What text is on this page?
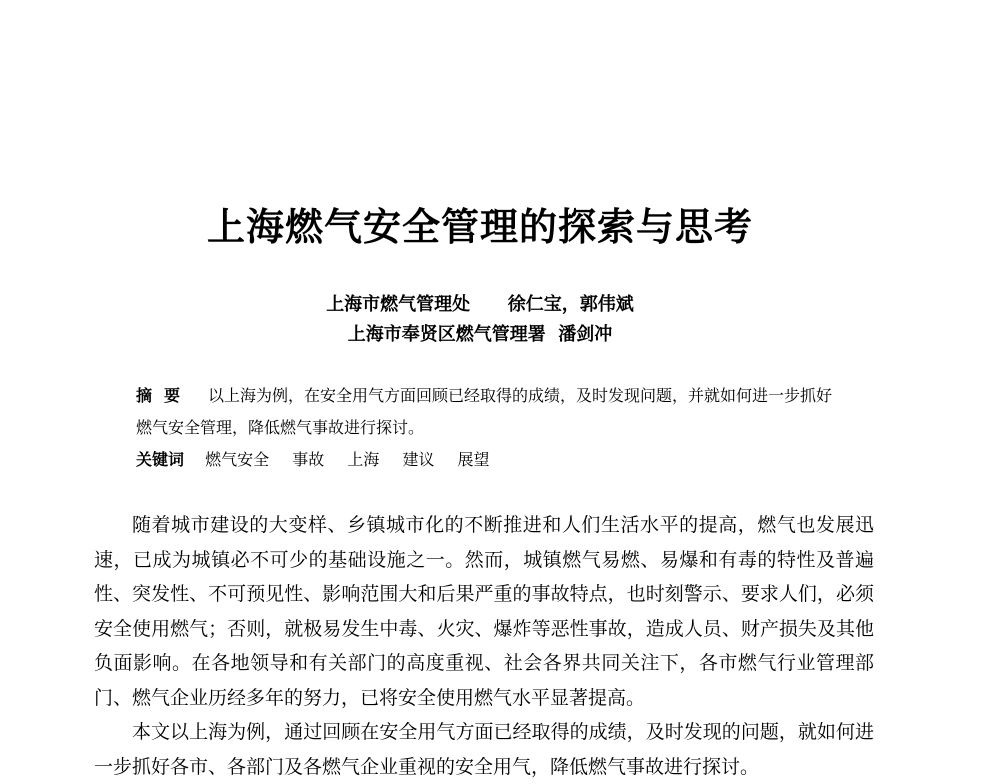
上海燃气安全管理的探索与思考
上海市燃气管理处 徐仁宝，郭伟斌
上海市奉贤区燃气管理署 潘剑冲
摘要 以上海为例，在安全用气方面回顾已经取得的成绩，及时发现问题，并就如何进一步抓好燃气安全管理，降低燃气事故进行探讨。
关键词 燃气安全 事故 上海 建议 展望

随着城市建设的大变样、乡镇城市化的不断推进和人们生活水平的提高，燃气也发展迅速，已成为城镇必不可少的基础设施之一。然而，城镇燃气易燃、易爆和有毒的特性及普遍性、突发性、不可预见性、影响范围大和后果严重的事故特点，也时刻警示、要求人们，必须安全使用燃气；否则，就极易发生中毒、火灾、爆炸等恶性事故，造成人员、财产损失及其他负面影响。在各地领导和有关部门的高度重视、社会各界共同关注下，各市燃气行业管理部门、燃气企业历经多年的努力，已将安全使用燃气水平显著提高。

本文以上海为例，通过回顾在安全用气方面已经取得的成绩，及时发现的问题，就如何进一步抓好各市、各部门及各燃气企业重视的安全用气，降低燃气事故进行探讨。
